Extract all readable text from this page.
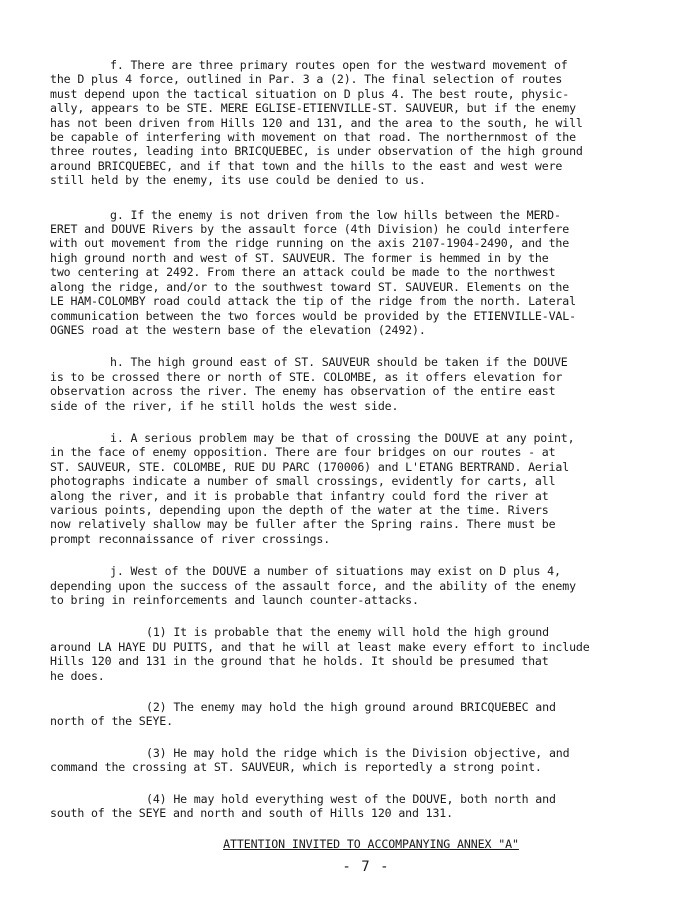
f. There are three primary routes open for the westward movement of
the D plus 4 force, outlined in Par. 3 a (2). The final selection of routes
must depend upon the tactical situation on D plus 4. The best route, physic-
ally, appears to be STE. MERE EGLISE-ETIENVILLE-ST. SAUVEUR, but if the enemy
has not been driven from Hills 120 and 131, and the area to the south, he will
be capable of interfering with movement on that road. The northernmost of the
three routes, leading into BRICQUEBEC, is under observation of the high ground
around BRICQUEBEC, and if that town and the hills to the east and west were
still held by the enemy, its use could be denied to us.

g. If the enemy is not driven from the low hills between the MERD-
ERET and DOUVE Rivers by the assault force (4th Division) he could interfere
with out movement from the ridge running on the axis 2107-1904-2490, and the
high ground north and west of ST. SAUVEUR. The former is hemmed in by the
two centering at 2492. From there an attack could be made to the northwest
along the ridge, and/or to the southwest toward ST. SAUVEUR. Elements on the
LE HAM-COLOMBY road could attack the tip of the ridge from the north. Lateral
communication between the two forces would be provided by the ETIENVILLE-VAL-
OGNES road at the western base of the elevation (2492).

h. The high ground east of ST. SAUVEUR should be taken if the DOUVE
is to be crossed there or north of STE. COLOMBE, as it offers elevation for
observation across the river. The enemy has observation of the entire east
side of the river, if he still holds the west side.

i. A serious problem may be that of crossing the DOUVE at any point,
in the face of enemy opposition. There are four bridges on our routes - at
ST. SAUVEUR, STE. COLOMBE, RUE DU PARC (170006) and L'ETANG BERTRAND. Aerial
photographs indicate a number of small crossings, evidently for carts, all
along the river, and it is probable that infantry could ford the river at
various points, depending upon the depth of the water at the time. Rivers
now relatively shallow may be fuller after the Spring rains. There must be
prompt reconnaissance of river crossings.

j. West of the DOUVE a number of situations may exist on D plus 4,
depending upon the success of the assault force, and the ability of the enemy
to bring in reinforcements and launch counter-attacks.

(1) It is probable that the enemy will hold the high ground
around LA HAYE DU PUITS, and that he will at least make every effort to include
Hills 120 and 131 in the ground that he holds. It should be presumed that
he does.

(2) The enemy may hold the high ground around BRICQUEBEC and
north of the SEYE.

(3) He may hold the ridge which is the Division objective, and
command the crossing at ST. SAUVEUR, which is reportedly a strong point.

(4) He may hold everything west of the DOUVE, both north and
south of the SEYE and north and south of Hills 120 and 131.

ATTENTION INVITED TO ACCOMPANYING ANNEX "A"
- 7 -
